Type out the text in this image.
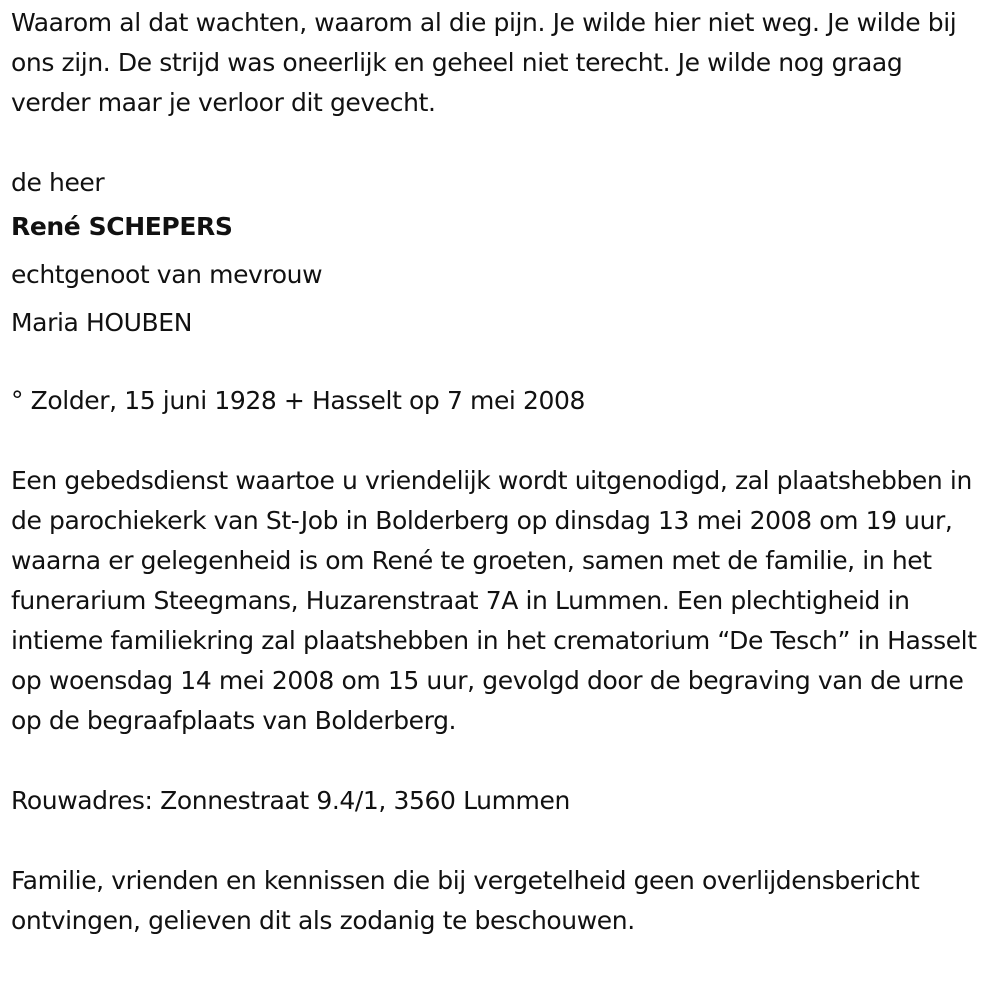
Waarom al dat wachten, waarom al die pijn. Je wilde hier niet weg. Je wilde bij ons zijn. De strijd was oneerlijk en geheel niet terecht. Je wilde nog graag verder maar je verloor dit gevecht.

de heer

René SCHEPERS

echtgenoot van mevrouw

Maria HOUBEN

° Zolder, 15 juni 1928 + Hasselt op 7 mei 2008

Een gebedsdienst waartoe u vriendelijk wordt uitgenodigd, zal plaatshebben in de parochiekerk van St-Job in Bolderberg op dinsdag 13 mei 2008 om 19 uur, waarna er gelegenheid is om René te groeten, samen met de familie, in het funerarium Steegmans, Huzarenstraat 7A in Lummen. Een plechtigheid in intieme familiekring zal plaatshebben in het crematorium “De Tesch” in Hasselt op woensdag 14 mei 2008 om 15 uur, gevolgd door de begraving van de urne op de begraafplaats van Bolderberg.

Rouwadres: Zonnestraat 9.4/1, 3560 Lummen

Familie, vrienden en kennissen die bij vergetelheid geen overlijdensbericht ontvingen, gelieven dit als zodanig te beschouwen.
